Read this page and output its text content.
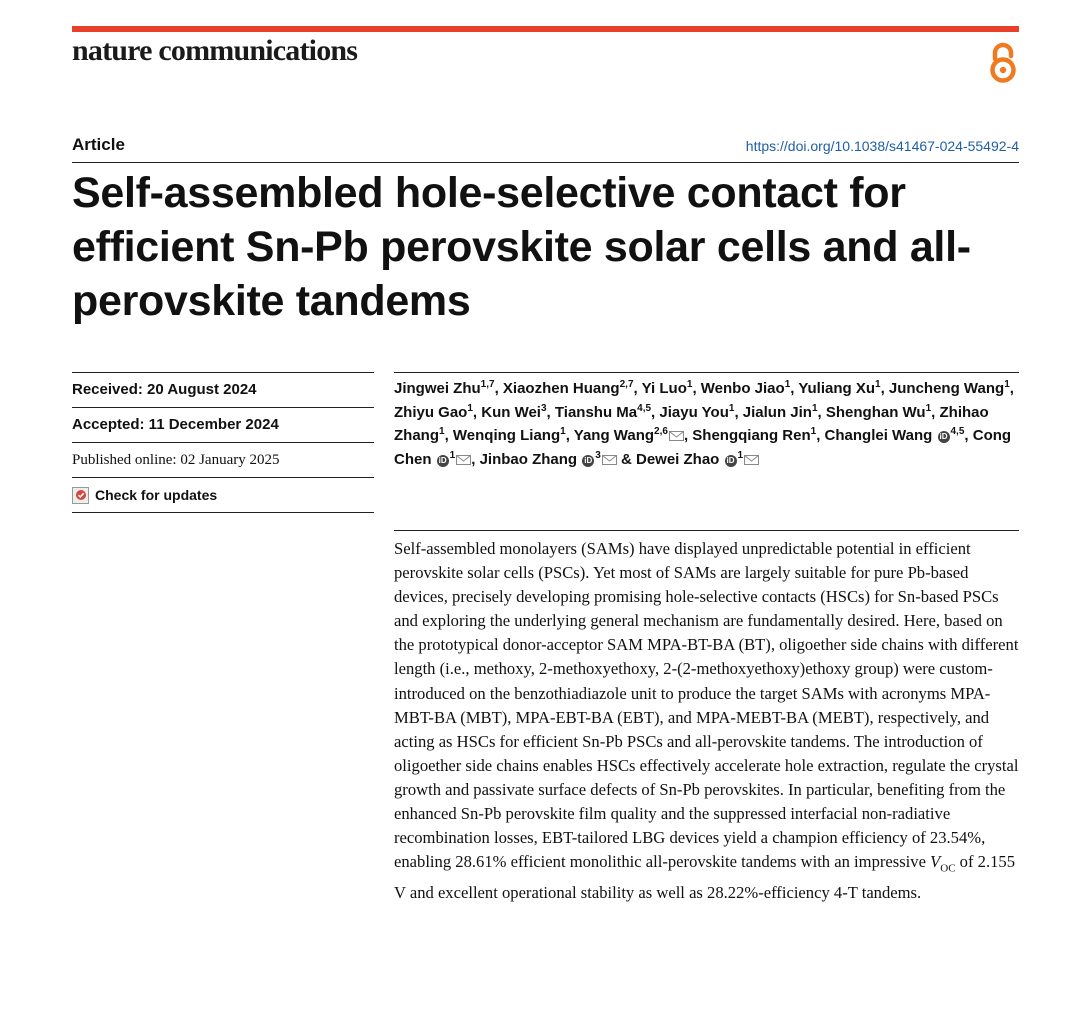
nature communications
Article	https://doi.org/10.1038/s41467-024-55492-4
Self-assembled hole-selective contact for efficient Sn-Pb perovskite solar cells and all-perovskite tandems
Received: 20 August 2024
Accepted: 11 December 2024
Published online: 02 January 2025
Check for updates
Jingwei Zhu$^{1,7}$, Xiaozhen Huang$^{2,7}$, Yi Luo$^1$, Wenbo Jiao$^1$, Yuliang Xu$^1$, Juncheng Wang$^1$, Zhiyu Gao$^1$, Kun Wei$^3$, Tianshu Ma$^{4,5}$, Jiayu You$^1$, Jialun Jin$^1$, Shenghan Wu$^1$, Zhihao Zhang$^1$, Wenqing Liang$^1$, Yang Wang$^{2,6}$ , Shengqiang Ren$^1$, Changlei Wang iD $^{4,5}$, Cong Chen iD $^1$ , Jinbao Zhang iD $^3$ & Dewei Zhao iD $^1$

Self-assembled monolayers (SAMs) have displayed unpredictable potential in efficient perovskite solar cells (PSCs). Yet most of SAMs are largely suitable for pure Pb-based devices, precisely developing promising hole-selective contacts (HSCs) for Sn-based PSCs and exploring the underlying general mechanism are fundamentally desired. Here, based on the prototypical donor-acceptor SAM MPA-BT-BA (BT), oligoether side chains with different length (i.e., methoxy, 2-methoxyethoxy, 2-(2-methoxyethoxy)ethoxy group) were custom-introduced on the benzothiadiazole unit to produce the target SAMs with acronyms MPA-MBT-BA (MBT), MPA-EBT-BA (EBT), and MPA-MEBT-BA (MEBT), respectively, and acting as HSCs for efficient Sn-Pb PSCs and all-perovskite tandems. The introduction of oligoether side chains enables HSCs effectively accelerate hole extraction, regulate the crystal growth and passivate surface defects of Sn-Pb perovskites. In particular, benefiting from the enhanced Sn-Pb perovskite film quality and the suppressed interfacial non-radiative recombination losses, EBT-tailored LBG devices yield a champion efficiency of 23.54%, enabling 28.61% efficient monolithic all-perovskite tandems with an impressive $V_{OC}$ of 2.155 V and excellent operational stability as well as 28.22%-efficiency 4-T tandems.
